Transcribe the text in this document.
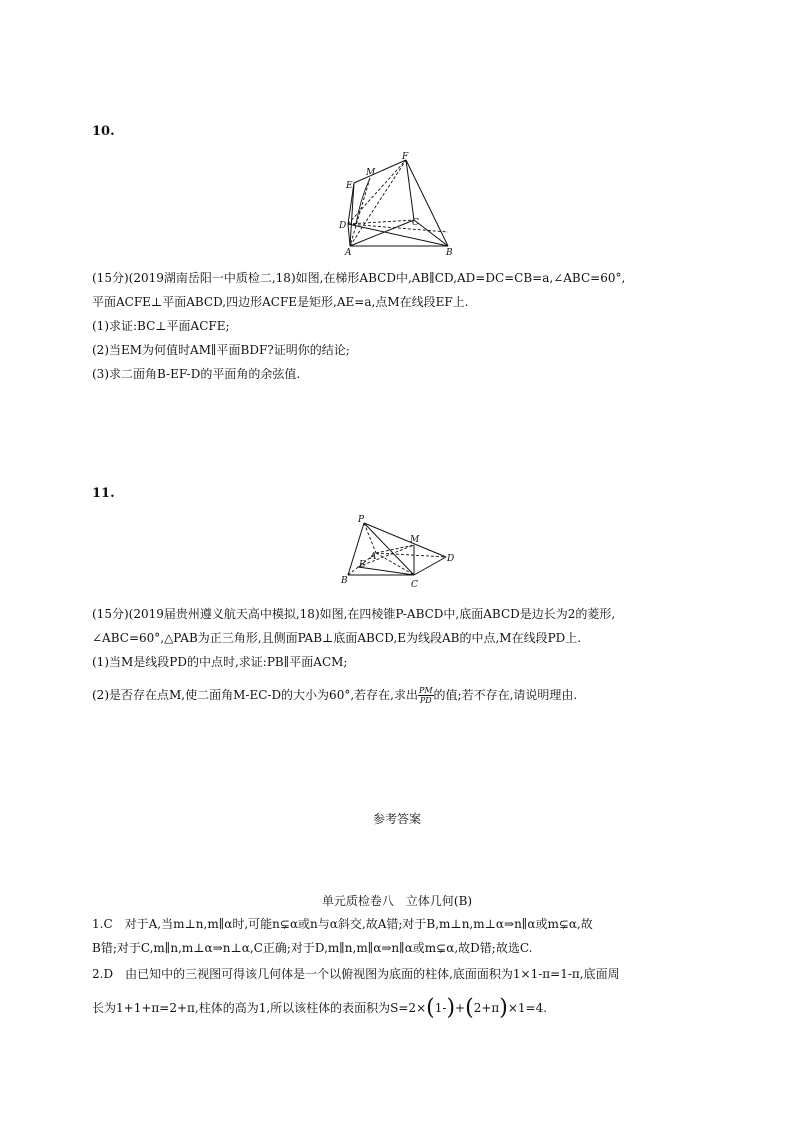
10.
F
M
E
D	C
A	B
(15分)(2019湖南岳阳一中质检二,18)如图,在梯形ABCD中,AB∥CD,AD=DC=CB=a,∠ABC=60°,
平面ACFE⊥平面ABCD,四边形ACFE是矩形,AE=a,点M在线段EF上.
(1)求证:BC⊥平面ACFE;
(2)当EM为何值时AM∥平面BDF?证明你的结论;
(3)求二面角B-EF-D的平面角的余弦值.
11.
P
M
A
E
D
B	C
(15分)(2019届贵州遵义航天高中模拟,18)如图,在四棱锥P-ABCD中,底面ABCD是边长为2的菱形,
∠ABC=60°,△PAB为正三角形,且侧面PAB⊥底面ABCD,E为线段AB的中点,M在线段PD上.
(1)当M是线段PD的中点时,求证:PB∥平面ACM;
(2)是否存在点M,使二面角M-EC-D的大小为60°,若存在,求出 $\frac{PM}{PD}$ 的值;若不存在,请说明理由.
参考答案
单元质检卷八　立体几何(B)
1.C　对于A,当m⊥n,m∥α时,可能n⊊α或n与α斜交,故A错;对于B,m⊥n,m⊥α⇒n∥α或m⊊α,故
B错;对于C,m∥n,m⊥α⇒n⊥α,C正确;对于D,m∥n,m∥α⇒n∥α或m⊊α,故D错;故选C.
2.D　由已知中的三视图可得该几何体是一个以俯视图为底面的柱体,底面面积为1×1-π=1-π,底面周
长为1+1+π=2+π,柱体的高为1,所以该柱体的表面积为S=2×(1-)+(2+π)×1=4.
